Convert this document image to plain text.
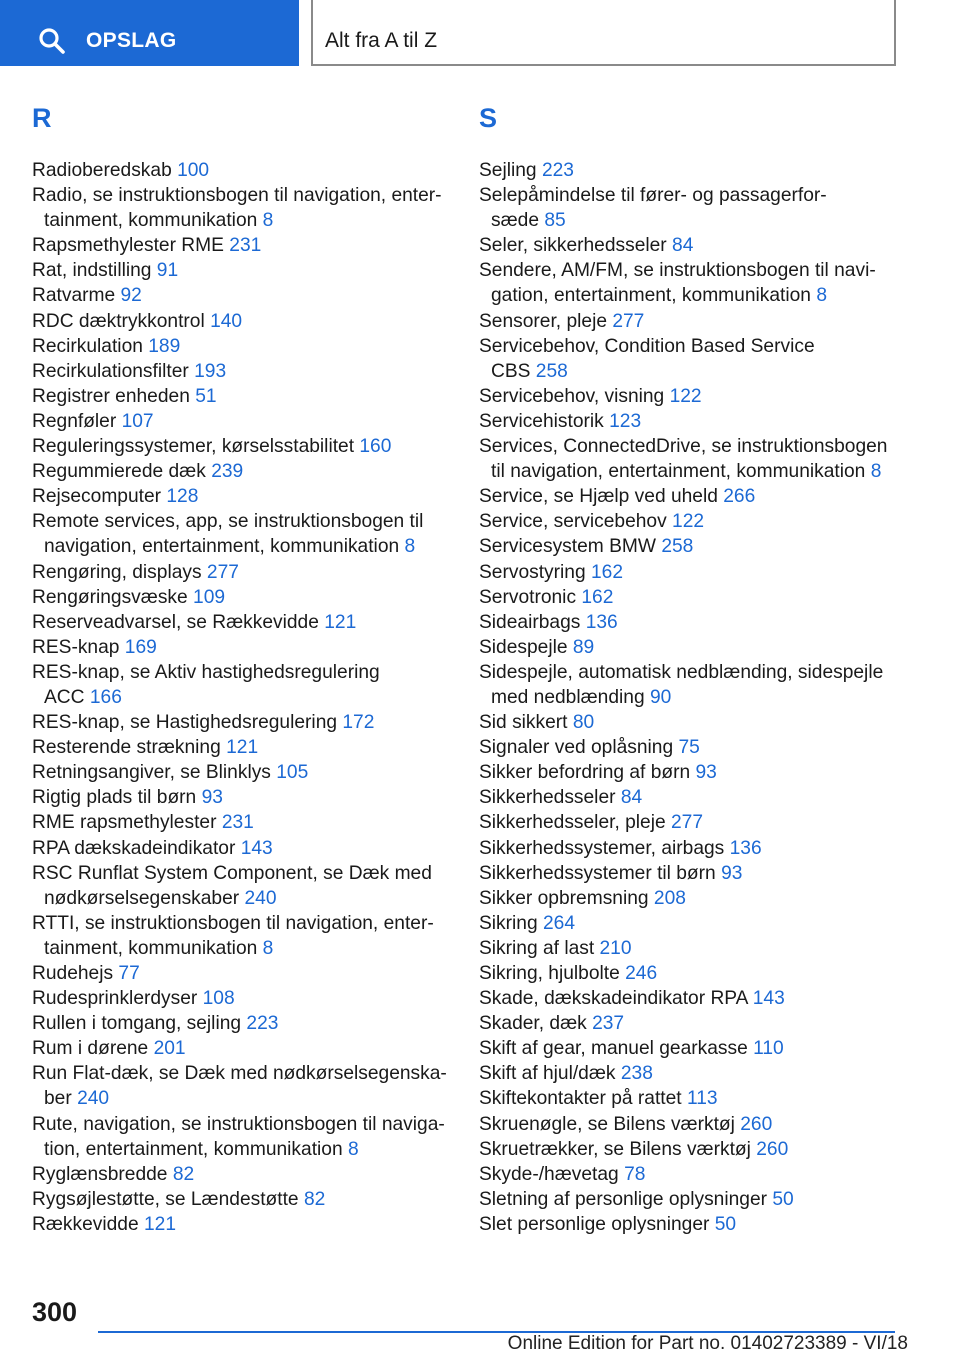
OPSLAG	Alt fra A til Z
R
Radioberedskab 100
Radio, se instruktionsbogen til navigation, enter‐
tainment, kommunikation 8
Rapsmethylester RME 231
Rat, indstilling 91
Ratvarme 92
RDC dæktrykkontrol 140
Recirkulation 189
Recirkulationsfilter 193
Registrer enheden 51
Regnføler 107
Reguleringssystemer, kørselsstabilitet 160
Regummierede dæk 239
Rejsecomputer 128
Remote services, app, se instruktionsbogen til
navigation, entertainment, kommunikation 8
Rengøring, displays 277
Rengøringsvæske 109
Reserveadvarsel, se Rækkevidde 121
RES-knap 169
RES-knap, se Aktiv hastighedsregulering
ACC 166
RES-knap, se Hastighedsregulering 172
Resterende strækning 121
Retningsangiver, se Blinklys 105
Rigtig plads til børn 93
RME rapsmethylester 231
RPA dækskadeindikator 143
RSC Runflat System Component, se Dæk med
nødkørselsegenskaber 240
RTTI, se instruktionsbogen til navigation, enter‐
tainment, kommunikation 8
Rudehejs 77
Rudesprinklerdyser 108
Rullen i tomgang, sejling 223
Rum i dørene 201
Run Flat-dæk, se Dæk med nødkørselsegenska‐
ber 240
Rute, navigation, se instruktionsbogen til naviga‐
tion, entertainment, kommunikation 8
Ryglænsbredde 82
Rygsøjlestøtte, se Lændestøtte 82
Rækkevidde 121
S
Sejling 223
Selepåmindelse til fører- og passagerfor‐
sæde 85
Seler, sikkerhedsseler 84
Sendere, AM/FM, se instruktionsbogen til navi‐
gation, entertainment, kommunikation 8
Sensorer, pleje 277
Servicebehov, Condition Based Service
CBS 258
Servicebehov, visning 122
Servicehistorik 123
Services, ConnectedDrive, se instruktionsbogen
til navigation, entertainment, kommunikation 8
Service, se Hjælp ved uheld 266
Service, servicebehov 122
Servicesystem BMW 258
Servostyring 162
Servotronic 162
Sideairbags 136
Sidespejle 89
Sidespejle, automatisk nedblænding, sidespejle
med nedblænding 90
Sid sikkert 80
Signaler ved oplåsning 75
Sikker befordring af børn 93
Sikkerhedsseler 84
Sikkerhedsseler, pleje 277
Sikkerhedssystemer, airbags 136
Sikkerhedssystemer til børn 93
Sikker opbremsning 208
Sikring 264
Sikring af last 210
Sikring, hjulbolte 246
Skade, dækskadeindikator RPA 143
Skader, dæk 237
Skift af gear, manuel gearkasse 110
Skift af hjul/dæk 238
Skiftekontakter på rattet 113
Skruenøgle, se Bilens værktøj 260
Skruetrækker, se Bilens værktøj 260
Skyde-/hævetag 78
Sletning af personlige oplysninger 50
Slet personlige oplysninger 50
300
Online Edition for Part no. 01402723389 - VI/18
